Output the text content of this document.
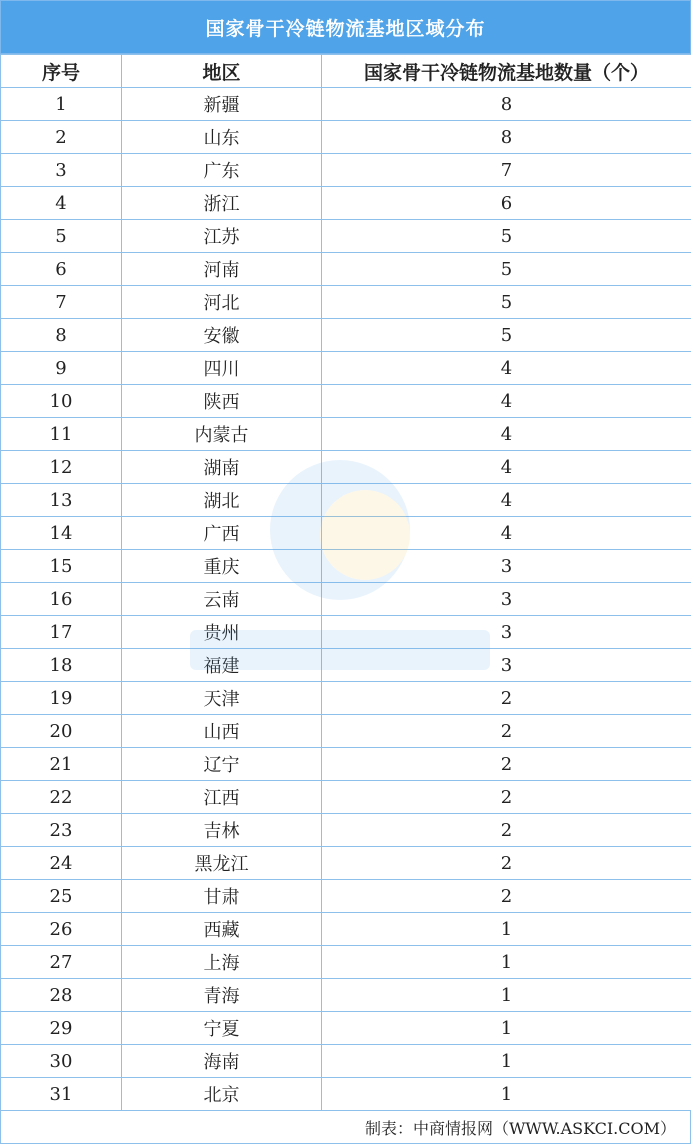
国家骨干冷链物流基地区域分布
序号	地区	国家骨干冷链物流基地数量（个）
1	新疆	8
2	山东	8
3	广东	7
4	浙江	6
5	江苏	5
6	河南	5
7	河北	5
8	安徽	5
9	四川	4
10	陕西	4
11	内蒙古	4
12	湖南	4
13	湖北	4
14	广西	4
15	重庆	3
16	云南	3
17	贵州	3
18	福建	3
19	天津	2
20	山西	2
21	辽宁	2
22	江西	2
23	吉林	2
24	黑龙江	2
25	甘肃	2
26	西藏	1
27	上海	1
28	青海	1
29	宁夏	1
30	海南	1
31	北京	1
制表：中商情报网（WWW.ASKCI.COM）
